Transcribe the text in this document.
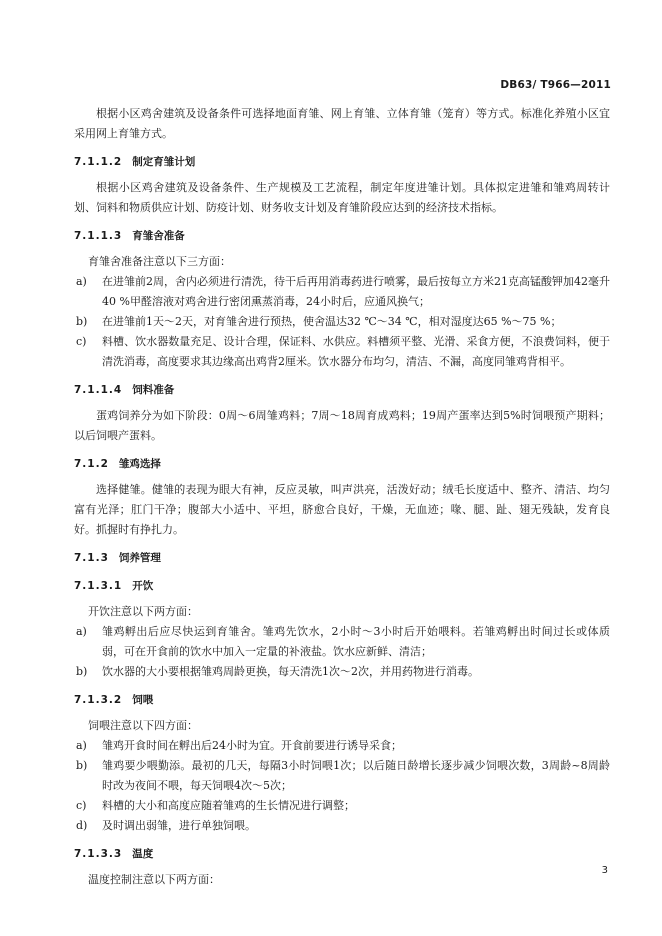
DB63/ T966—2011

根据小区鸡舍建筑及设备条件可选择地面育雏、网上育雏、立体育雏（笼育）等方式。标准化养殖小区宜采用网上育雏方式。

7.1.1.2 制定育雏计划

根据小区鸡舍建筑及设备条件、生产规模及工艺流程，制定年度进雏计划。具体拟定进雏和雏鸡周转计划、饲料和物质供应计划、防疫计划、财务收支计划及育雏阶段应达到的经济技术指标。

7.1.1.3 育雏舍准备

育雏舍准备注意以下三方面：

a)	在进雏前2周，舍内必须进行清洗，待干后再用消毒药进行喷雾，最后按每立方米21克高锰酸钾加42毫升40 %甲醛溶液对鸡舍进行密闭熏蒸消毒，24小时后，应通风换气；
b)	在进雏前1天～2天，对育雏舍进行预热，使舍温达32 ℃～34 ℃，相对湿度达65 %～75 %；
c)	料槽、饮水器数量充足、设计合理，保证料、水供应。料槽须平整、光滑、采食方便，不浪费饲料，便于清洗消毒，高度要求其边缘高出鸡背2厘米。饮水器分布均匀，清洁、不漏，高度同雏鸡背相平。
7.1.1.4 饲料准备

蛋鸡饲养分为如下阶段：0周～6周雏鸡料；7周～18周育成鸡料；19周产蛋率达到5%时饲喂预产期料；以后饲喂产蛋料。

7.1.2 雏鸡选择

选择健雏。健雏的表现为眼大有神，反应灵敏，叫声洪亮，活泼好动；绒毛长度适中、整齐、清洁、均匀富有光泽；肛门干净；腹部大小适中、平坦，脐愈合良好，干燥，无血迹；喙、腿、趾、翅无残缺，发育良好。抓握时有挣扎力。

7.1.3 饲养管理
7.1.3.1 开饮

开饮注意以下两方面：

a)	雏鸡孵出后应尽快运到育雏舍。雏鸡先饮水，2小时～3小时后开始喂料。若雏鸡孵出时间过长或体质弱，可在开食前的饮水中加入一定量的补液盐。饮水应新鲜、清洁；
b)	饮水器的大小要根据雏鸡周龄更换，每天清洗1次～2次，并用药物进行消毒。
7.1.3.2 饲喂

饲喂注意以下四方面：

a)	雏鸡开食时间在孵出后24小时为宜。开食前要进行诱导采食；
b)	雏鸡要少喂勤添。最初的几天，每隔3小时饲喂1次；以后随日龄增长逐步减少饲喂次数，3周龄~8周龄时改为夜间不喂，每天饲喂4次～5次；
c)	料槽的大小和高度应随着雏鸡的生长情况进行调整；
d)	及时调出弱雏，进行单独饲喂。
7.1.3.3 温度

温度控制注意以下两方面：

3
